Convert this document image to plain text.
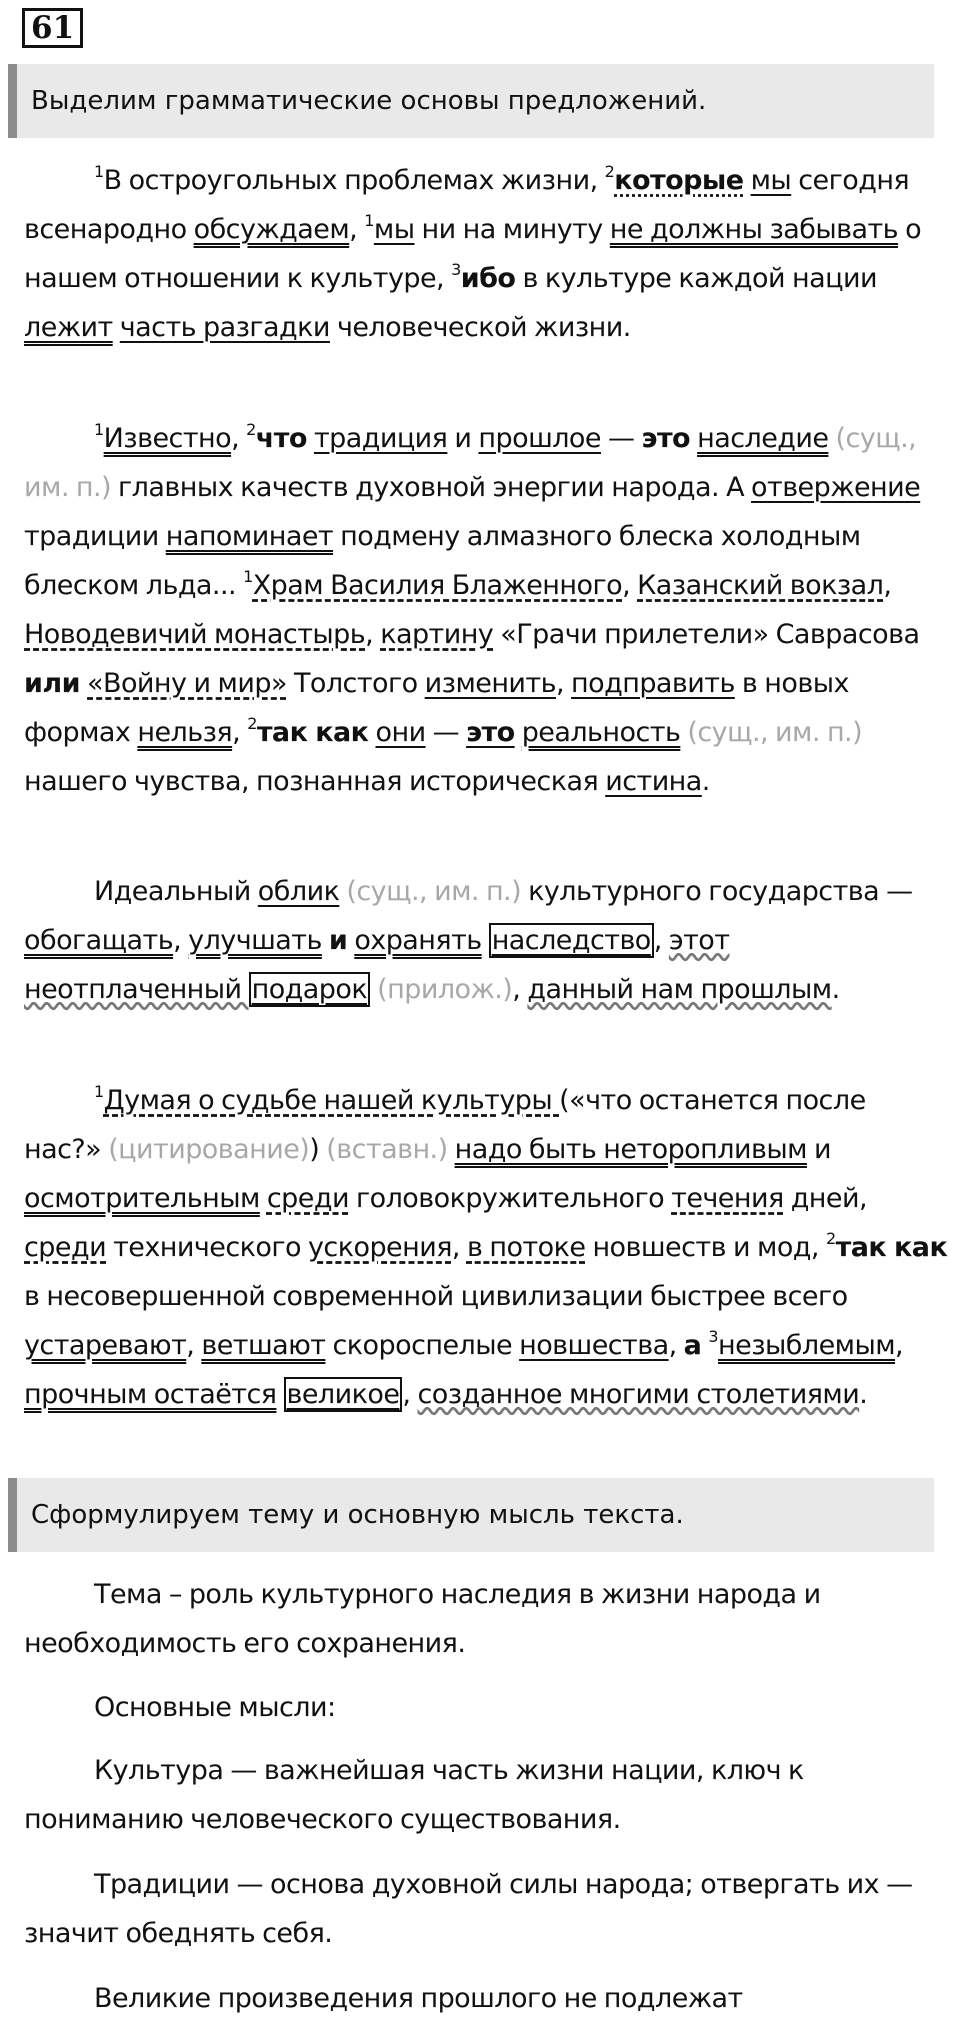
61
Выделим грамматические основы предложений.

$^1$В остроугольных проблемах жизни, $^2$которые мы сегодня всенародно обсуждаем, $^1$мы ни на минуту не должны забывать о нашем отношении к культуре, $^3$ибо в культуре каждой нации лежит часть разгадки человеческой жизни.

$^1$Известно, $^2$что традиция и прошлое — это наследие (сущ., им. п.) главных качеств духовной энергии народа. А отвержение традиции напоминает подмену алмазного блеска холодным блеском льда... $^1$Храм Василия Блаженного, Казанский вокзал, Новодевичий монастырь, картину «Грачи прилетели» Саврасова или «Войну и мир» Толстого изменить, подправить в новых формах нельзя, $^2$так как они — это реальность (сущ., им. п.) нашего чувства, познанная историческая истина.

Идеальный облик (сущ., им. п.) культурного государства — обогащать, улучшать и охранять наследство , этот неотплаченный подарок (прилож.), данный нам прошлым.

$^1$Думая о судьбе нашей культуры («что останется после нас?» (цитирование)) (вставн.) надо быть неторопливым и осмотрительным среди головокружительного течения дней, среди технического ускорения, в потоке новшеств и мод, $^2$так как в несовершенной современной цивилизации быстрее всего устаревают, ветшают скороспелые новшества, а $^3$незыблемым, прочным остаётся великое , созданное многими столетиями.

Сформулируем тему и основную мысль текста.

Тема – роль культурного наследия в жизни народа и необходимость его сохранения.

Основные мысли:

Культура — важнейшая часть жизни нации, ключ к пониманию человеческого существования.

Традиции — основа духовной силы народа; отвергать их — значит обеднять себя.

Великие произведения прошлого не подлежат
